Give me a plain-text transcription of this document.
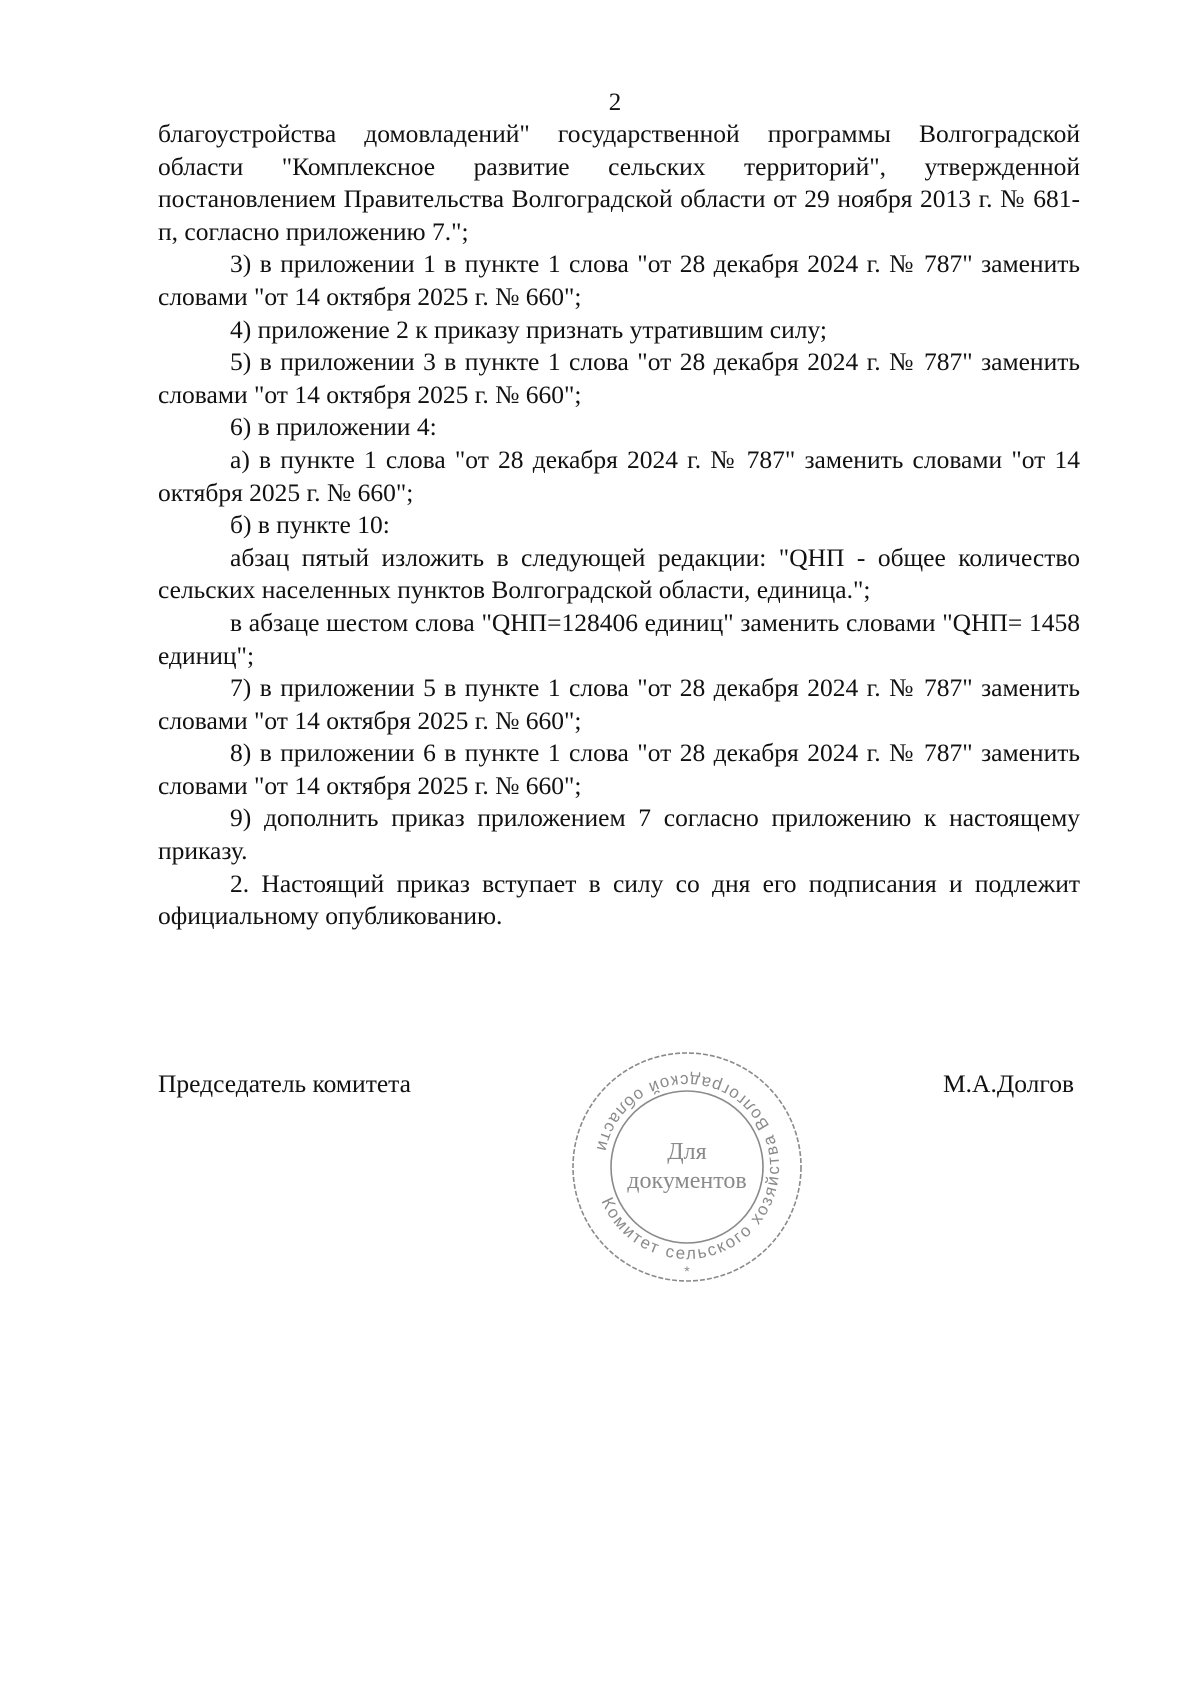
2

благоустройства домовладений" государственной программы Волгоградской области "Комплексное развитие сельских территорий", утвержденной постановлением Правительства Волгоградской области от 29 ноября 2013 г. № 681-п, согласно приложению 7.";

3) в приложении 1 в пункте 1 слова "от 28 декабря 2024 г. № 787" заменить словами "от 14 октября 2025 г. № 660";

4) приложение 2 к приказу признать утратившим силу;

5) в приложении 3 в пункте 1 слова "от 28 декабря 2024 г. № 787" заменить словами "от 14 октября 2025 г. № 660";

6) в приложении 4:

а) в пункте 1 слова "от 28 декабря 2024 г. № 787" заменить словами "от 14 октября 2025 г. № 660";

б) в пункте 10:

абзац пятый изложить в следующей редакции: "QНП - общее количество сельских населенных пунктов Волгоградской области, единица.";

в абзаце шестом слова "QНП=128406 единиц" заменить словами "QНП= 1458 единиц";

7) в приложении 5 в пункте 1 слова "от 28 декабря 2024 г. № 787" заменить словами "от 14 октября 2025 г. № 660";

8) в приложении 6 в пункте 1 слова "от 28 декабря 2024 г. № 787" заменить словами "от 14 октября 2025 г. № 660";

9) дополнить приказ приложением 7 согласно приложению к настоящему приказу.

2. Настоящий приказ вступает в силу со дня его подписания и подлежит официальному опубликованию.

Председатель комитета	М.А.Долгов
Комитет сельского хозяйства Волгоградской области	Для
документов
*
